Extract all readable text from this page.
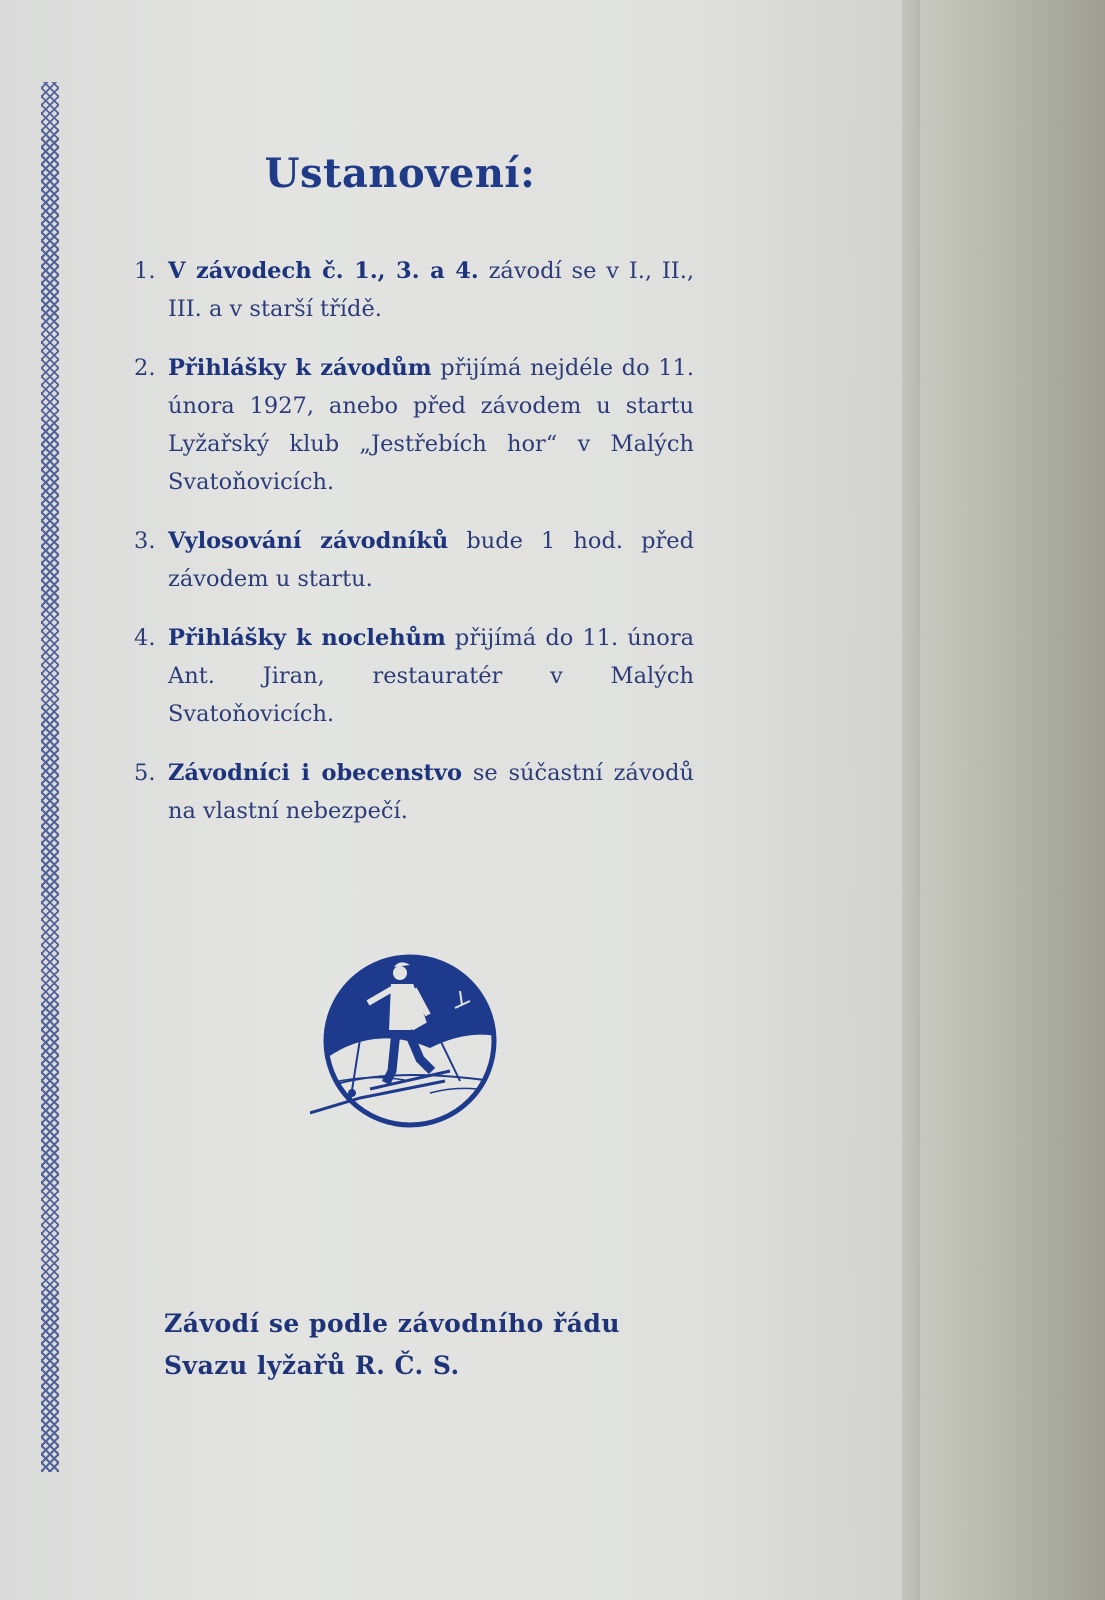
Ustanovení:
1. V závodech č. 1., 3. a 4. závodí se v I., II., III. a v starší třídě.
2. Přihlášky k závodům přijímá nejdéle do 11. února 1927, anebo před závodem u startu Lyžařský klub „Jestřebích hor“ v Malých Svatoňovicích.
3. Vylosování závodníků bude 1 hod. před závodem u startu.
4. Přihlášky k noclehům přijímá do 11. února Ant. Jiran, restauratér v Malých Svatoňovicích.
5. Závodníci i obecenstvo se súčastní závodů na vlastní nebezpečí.
Závodí se podle závodního řádu
Svazu lyžařů R. Č. S.
